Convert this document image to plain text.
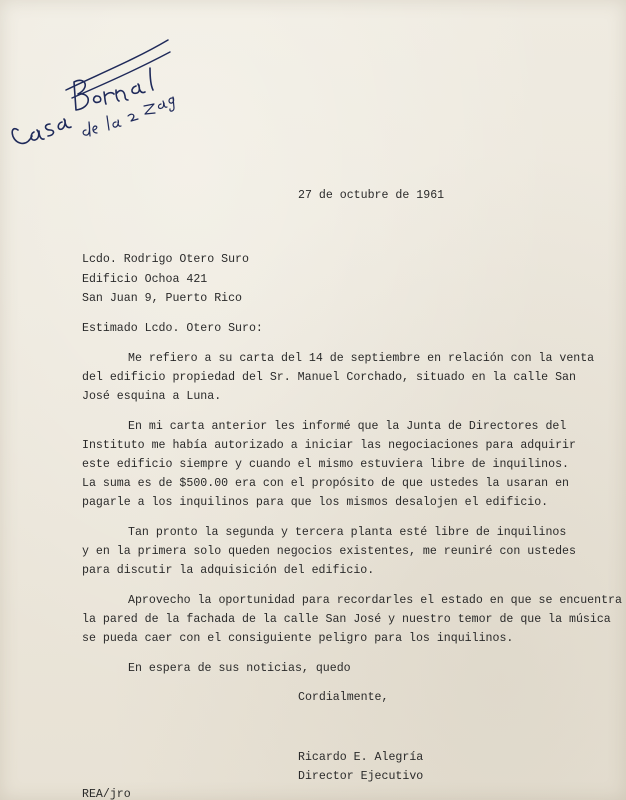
27 de octubre de 1961
Lcdo. Rodrigo Otero Suro
Edificio Ochoa 421
San Juan 9, Puerto Rico
Estimado Lcdo. Otero Suro:
Me refiero a su carta del 14 de septiembre en relación con la venta
del edificio propiedad del Sr. Manuel Corchado, situado en la calle San
José esquina a Luna.
En mi carta anterior les informé que la Junta de Directores del
Instituto me había autorizado a iniciar las negociaciones para adquirir
este edificio siempre y cuando el mismo estuviera libre de inquilinos.
La suma es de $500.00 era con el propósito de que ustedes la usaran en
pagarle a los inquilinos para que los mismos desalojen el edificio.
Tan pronto la segunda y tercera planta esté libre de inquilinos
y en la primera solo queden negocios existentes, me reuniré con ustedes
para discutir la adquisición del edificio.
Aprovecho la oportunidad para recordarles el estado en que se encuentra
la pared de la fachada de la calle San José y nuestro temor de que la música
se pueda caer con el consiguiente peligro para los inquilinos.
En espera de sus noticias, quedo
Cordialmente,
Ricardo E. Alegría
Director Ejecutivo
REA/jro
